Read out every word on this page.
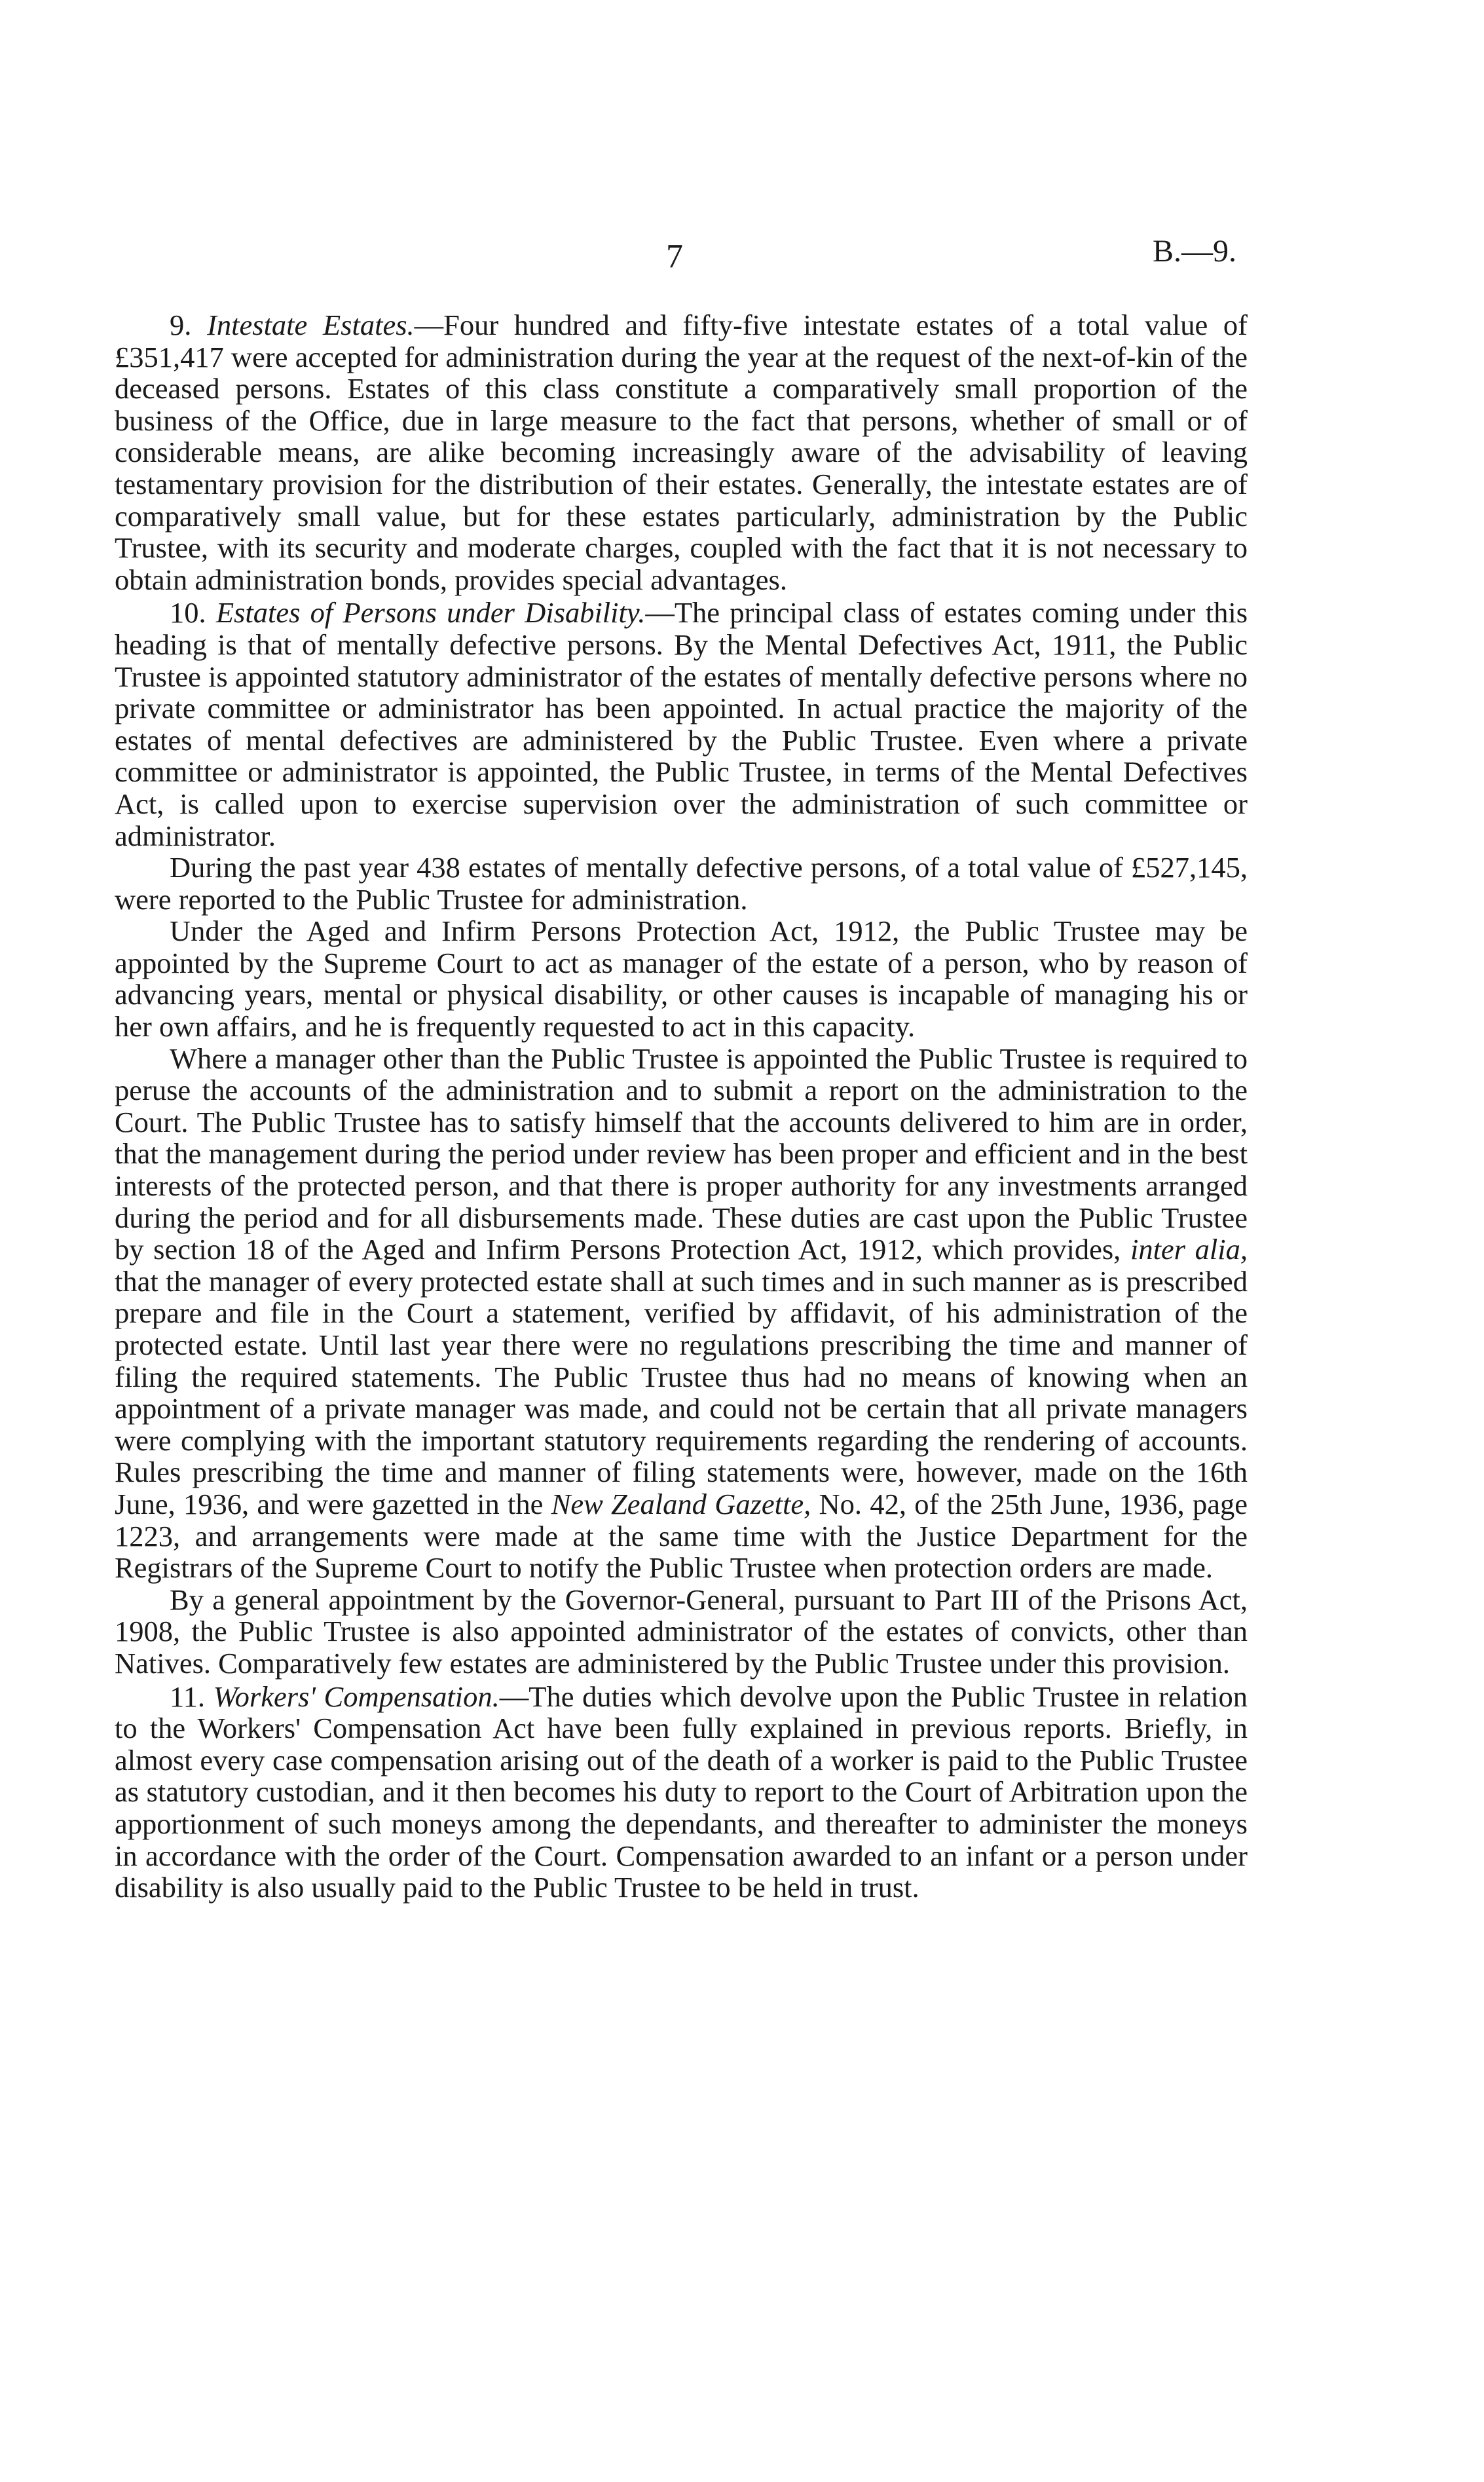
7	B.—9.

9. Intestate Estates.—Four hundred and fifty-five intestate estates of a total value of £351,417 were accepted for administration during the year at the request of the next-of-kin of the deceased persons. Estates of this class constitute a comparatively small proportion of the business of the Office, due in large measure to the fact that persons, whether of small or of considerable means, are alike becoming increasingly aware of the advisability of leaving testamentary provision for the distribution of their estates. Generally, the intestate estates are of comparatively small value, but for these estates particularly, administration by the Public Trustee, with its security and moderate charges, coupled with the fact that it is not necessary to obtain administration bonds, provides special advantages.

10. Estates of Persons under Disability.—The principal class of estates coming under this heading is that of mentally defective persons. By the Mental Defectives Act, 1911, the Public Trustee is appointed statutory administrator of the estates of mentally defective persons where no private committee or administrator has been appointed. In actual practice the majority of the estates of mental defectives are administered by the Public Trustee. Even where a private committee or administrator is appointed, the Public Trustee, in terms of the Mental Defectives Act, is called upon to exercise supervision over the administration of such committee or administrator.

During the past year 438 estates of mentally defective persons, of a total value of £527,145, were reported to the Public Trustee for administration.

Under the Aged and Infirm Persons Protection Act, 1912, the Public Trustee may be appointed by the Supreme Court to act as manager of the estate of a person, who by reason of advancing years, mental or physical disability, or other causes is incapable of managing his or her own affairs, and he is frequently requested to act in this capacity.

Where a manager other than the Public Trustee is appointed the Public Trustee is required to peruse the accounts of the administration and to submit a report on the administration to the Court. The Public Trustee has to satisfy himself that the accounts delivered to him are in order, that the management during the period under review has been proper and efficient and in the best interests of the protected person, and that there is proper authority for any investments arranged during the period and for all disbursements made. These duties are cast upon the Public Trustee by section 18 of the Aged and Infirm Persons Protection Act, 1912, which provides, inter alia, that the manager of every protected estate shall at such times and in such manner as is prescribed prepare and file in the Court a statement, verified by affidavit, of his administration of the protected estate. Until last year there were no regulations prescribing the time and manner of filing the required statements. The Public Trustee thus had no means of knowing when an appointment of a private manager was made, and could not be certain that all private managers were complying with the important statutory requirements regarding the rendering of accounts. Rules prescribing the time and manner of filing statements were, however, made on the 16th June, 1936, and were gazetted in the New Zealand Gazette, No. 42, of the 25th June, 1936, page 1223, and arrangements were made at the same time with the Justice Department for the Registrars of the Supreme Court to notify the Public Trustee when protection orders are made.

By a general appointment by the Governor-General, pursuant to Part III of the Prisons Act, 1908, the Public Trustee is also appointed administrator of the estates of convicts, other than Natives. Comparatively few estates are administered by the Public Trustee under this provision.

11. Workers' Compensation.—The duties which devolve upon the Public Trustee in relation to the Workers' Compensation Act have been fully explained in previous reports. Briefly, in almost every case compensation arising out of the death of a worker is paid to the Public Trustee as statutory custodian, and it then becomes his duty to report to the Court of Arbitration upon the apportionment of such moneys among the dependants, and thereafter to administer the moneys in accordance with the order of the Court. Compensation awarded to an infant or a person under disability is also usually paid to the Public Trustee to be held in trust.
